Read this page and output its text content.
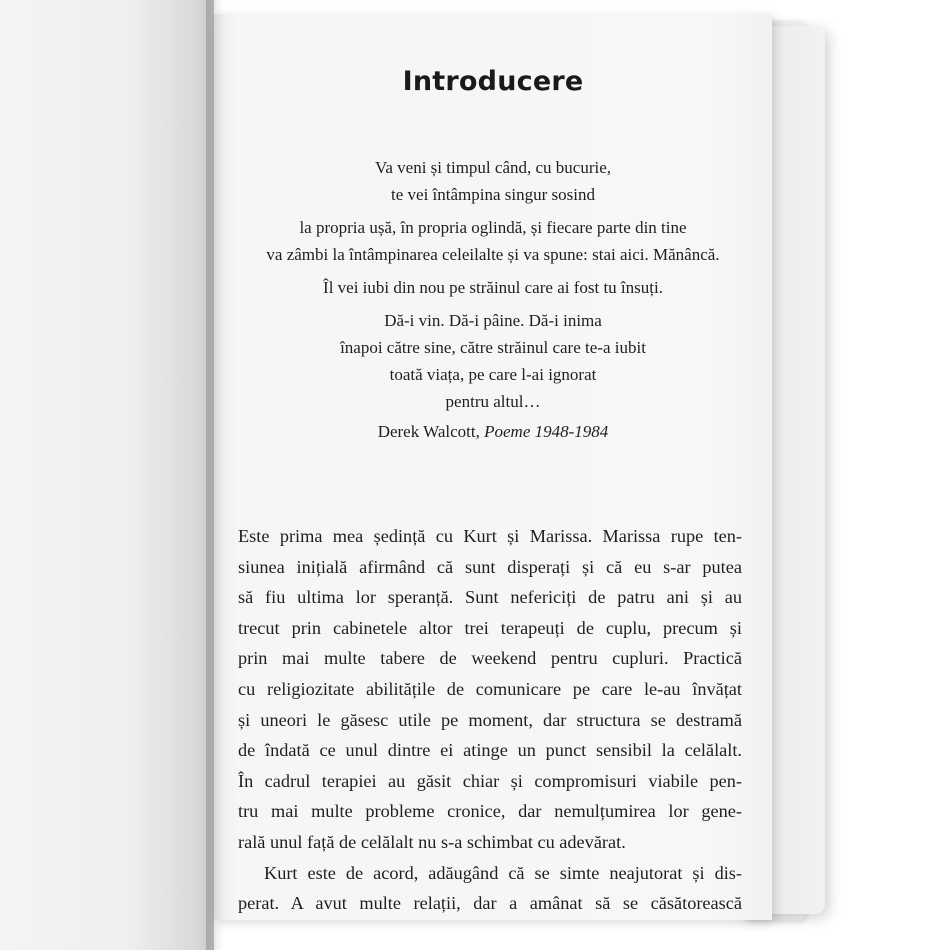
Introducere
Va veni și timpul când, cu bucurie,
te vei întâmpina singur sosind
la propria ușă, în propria oglindă, și fiecare parte din tine
va zâmbi la întâmpinarea celeilalte și va spune: stai aici. Mănâncă.
Îl vei iubi din nou pe străinul care ai fost tu însuți.
Dă-i vin. Dă-i pâine. Dă-i inima
înapoi către sine, către străinul care te-a iubit
toată viața, pe care l-ai ignorat
pentru altul…
Derek Walcott, Poeme 1948-1984
Este prima mea ședință cu Kurt și Marissa. Marissa rupe ten-
siunea inițială afirmând că sunt disperați și că eu s-ar putea
să fiu ultima lor speranță. Sunt nefericiți de patru ani și au
trecut prin cabinetele altor trei terapeuți de cuplu, precum și
prin mai multe tabere de weekend pentru cupluri. Practică
cu religiozitate abilitățile de comunicare pe care le-au învățat
și uneori le găsesc utile pe moment, dar structura se destramă
de îndată ce unul dintre ei atinge un punct sensibil la celălalt.
În cadrul terapiei au găsit chiar și compromisuri viabile pen-
tru mai multe probleme cronice, dar nemulțumirea lor gene-
rală unul față de celălalt nu s-a schimbat cu adevărat.
Kurt este de acord, adăugând că se simte neajutorat și dis-
perat. A avut multe relații, dar a amânat să se căsătorească
